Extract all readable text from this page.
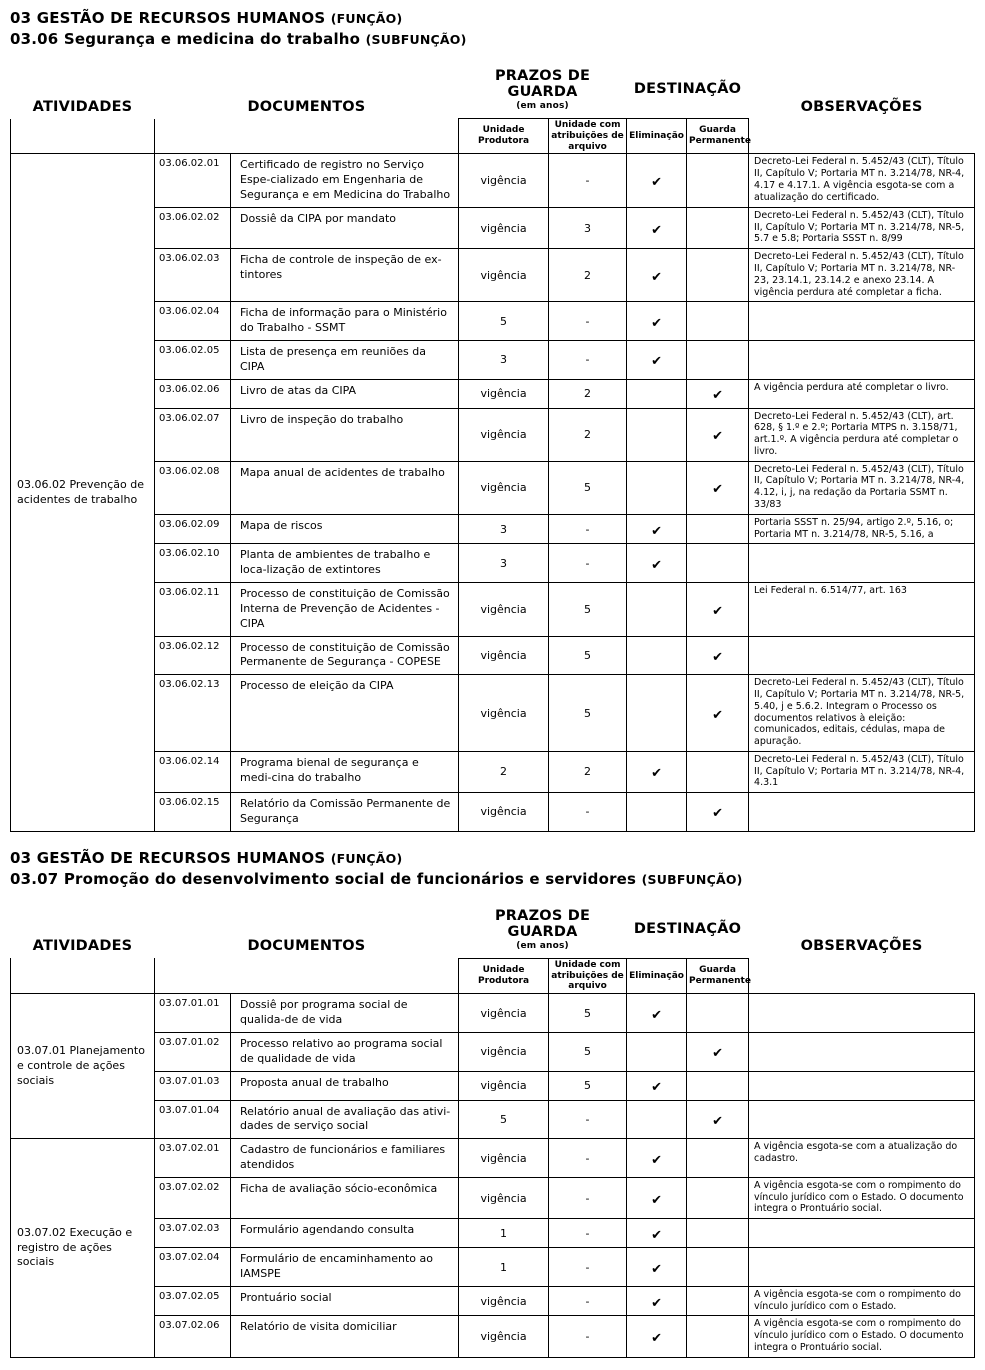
03 GESTÃO DE RECURSOS HUMANOS (FUNÇÃO)
03.06 Segurança e medicina do trabalho (SUBFUNÇÃO)
ATIVIDADES	DOCUMENTOS		PRAZOS DE GUARDA
(em anos)		DESTINAÇÃO		OBSERVAÇÕES
			Unidade Produtora	Unidade com atribuições de arquivo	Eliminação	Guarda Permanente	
03.06.02 Prevenção de acidentes de trabalho	03.06.02.01	Certificado de registro no Serviço Espe-cializado em Engenharia de Segurança e em Medicina do Trabalho	vigência	-	✔		Decreto-Lei Federal n. 5.452/43 (CLT), Título II, Capítulo V; Portaria MT n. 3.214/78, NR-4, 4.17 e 4.17.1. A vigência esgota-se com a atualização do certificado.
	03.06.02.02	Dossiê da CIPA por mandato	vigência	3	✔		Decreto-Lei Federal n. 5.452/43 (CLT), Título II, Capítulo V; Portaria MT n. 3.214/78, NR-5, 5.7 e 5.8; Portaria SSST n. 8/99
	03.06.02.03	Ficha de controle de inspeção de ex-tintores	vigência	2	✔		Decreto-Lei Federal n. 5.452/43 (CLT), Título II, Capítulo V; Portaria MT n. 3.214/78, NR-23, 23.14.1, 23.14.2 e anexo 23.14. A vigência perdura até completar a ficha.
	03.06.02.04	Ficha de informação para o Ministério do Trabalho - SSMT	5	-	✔		
	03.06.02.05	Lista de presença em reuniões da CIPA	3	-	✔		
	03.06.02.06	Livro de atas da CIPA	vigência	2		✔	A vigência perdura até completar o livro.
	03.06.02.07	Livro de inspeção do trabalho	vigência	2		✔	Decreto-Lei Federal n. 5.452/43 (CLT), art. 628, § 1.º e 2.º; Portaria MTPS n. 3.158/71, art.1.º. A vigência perdura até completar o livro.
	03.06.02.08	Mapa anual de acidentes de trabalho	vigência	5		✔	Decreto-Lei Federal n. 5.452/43 (CLT), Título II, Capítulo V; Portaria MT n. 3.214/78, NR-4, 4.12, i, j, na redação da Portaria SSMT n. 33/83
	03.06.02.09	Mapa de riscos	3	-	✔		Portaria SSST n. 25/94, artigo 2.º, 5.16, o; Portaria MT n. 3.214/78, NR-5, 5.16, a
	03.06.02.10	Planta de ambientes de trabalho e loca-lização de extintores	3	-	✔		
	03.06.02.11	Processo de constituição de Comissão Interna de Prevenção de Acidentes - CIPA	vigência	5		✔	Lei Federal n. 6.514/77, art. 163
	03.06.02.12	Processo de constituição de Comissão Permanente de Segurança - COPESE	vigência	5		✔	
	03.06.02.13	Processo de eleição da CIPA	vigência	5		✔	Decreto-Lei Federal n. 5.452/43 (CLT), Título II, Capítulo V; Portaria MT n. 3.214/78, NR-5, 5.40, j e 5.6.2. Integram o Processo os documentos relativos à eleição: comunicados, editais, cédulas, mapa de apuração.
	03.06.02.14	Programa bienal de segurança e medi-cina do trabalho	2	2	✔		Decreto-Lei Federal n. 5.452/43 (CLT), Título II, Capítulo V; Portaria MT n. 3.214/78, NR-4, 4.3.1
	03.06.02.15	Relatório da Comissão Permanente de Segurança	vigência	-		✔	
03 GESTÃO DE RECURSOS HUMANOS (FUNÇÃO)
03.07 Promoção do desenvolvimento social de funcionários e servidores (SUBFUNÇÃO)
ATIVIDADES	DOCUMENTOS		PRAZOS DE GUARDA
(em anos)		DESTINAÇÃO		OBSERVAÇÕES
			Unidade Produtora	Unidade com atribuições de arquivo	Eliminação	Guarda Permanente	
03.07.01 Planejamento e controle de ações sociais	03.07.01.01	Dossiê por programa social de qualida-de de vida	vigência	5	✔		
	03.07.01.02	Processo relativo ao programa social de qualidade de vida	vigência	5		✔	
	03.07.01.03	Proposta anual de trabalho	vigência	5	✔		
	03.07.01.04	Relatório anual de avaliação das ativi-dades de serviço social	5	-		✔	
03.07.02 Execução e registro de ações sociais	03.07.02.01	Cadastro de funcionários e familiares atendidos	vigência	-	✔		A vigência esgota-se com a atualização do cadastro.
	03.07.02.02	Ficha de avaliação sócio-econômica	vigência	-	✔		A vigência esgota-se com o rompimento do vínculo jurídico com o Estado. O documento integra o Prontuário social.
	03.07.02.03	Formulário agendando consulta	1	-	✔		
	03.07.02.04	Formulário de encaminhamento ao IAMSPE	1	-	✔		
	03.07.02.05	Prontuário social	vigência	-	✔		A vigência esgota-se com o rompimento do vínculo jurídico com o Estado.
	03.07.02.06	Relatório de visita domiciliar	vigência	-	✔		A vigência esgota-se com o rompimento do vínculo jurídico com o Estado. O documento integra o Prontuário social.
